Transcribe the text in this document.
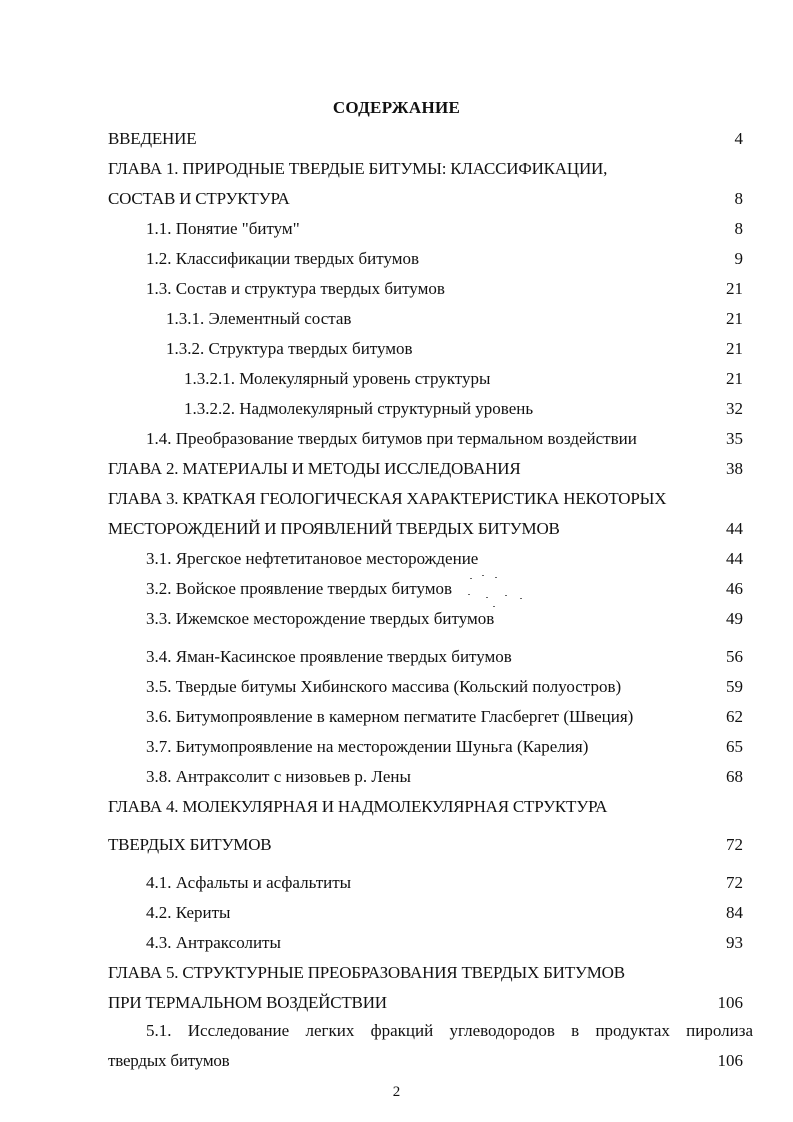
СОДЕРЖАНИЕ
ВВЕДЕНИЕ	4
ГЛАВА 1. ПРИРОДНЫЕ ТВЕРДЫЕ БИТУМЫ: КЛАССИФИКАЦИИ,
СОСТАВ И СТРУКТУРА	8
1.1. Понятие "битум"	8
1.2. Классификации твердых битумов	9
1.3. Состав и структура твердых битумов	21
1.3.1. Элементный состав	21
1.3.2. Структура твердых битумов	21
1.3.2.1. Молекулярный уровень структуры	21
1.3.2.2. Надмолекулярный структурный уровень	32
1.4. Преобразование твердых битумов при термальном воздействии	35
ГЛАВА 2. МАТЕРИАЛЫ И МЕТОДЫ ИССЛЕДОВАНИЯ	38
ГЛАВА 3. КРАТКАЯ ГЕОЛОГИЧЕСКАЯ ХАРАКТЕРИСТИКА НЕКОТОРЫХ
МЕСТОРОЖДЕНИЙ И ПРОЯВЛЕНИЙ ТВЕРДЫХ БИТУМОВ	44
3.1. Ярегское нефтетитановое месторождение	44
3.2. Войское проявление твердых битумов	46
3.3. Ижемское месторождение твердых битумов	49
3.4. Яман-Касинское проявление твердых битумов	56
3.5. Твердые битумы Хибинского массива (Кольский полуостров)	59
3.6. Битумопроявление в камерном пегматите Гласбергет (Швеция)	62
3.7. Битумопроявление на месторождении Шуньга (Карелия)	65
3.8. Антраксолит с низовьев р. Лены	68
ГЛАВА 4. МОЛЕКУЛЯРНАЯ И НАДМОЛЕКУЛЯРНАЯ СТРУКТУРА
ТВЕРДЫХ БИТУМОВ	72
4.1. Асфальты и асфальтиты	72
4.2. Кериты	84
4.3. Антраксолиты	93
ГЛАВА 5. СТРУКТУРНЫЕ ПРЕОБРАЗОВАНИЯ ТВЕРДЫХ БИТУМОВ
ПРИ ТЕРМАЛЬНОМ ВОЗДЕЙСТВИИ	106
5.1. Исследование легких фракций углеводородов в продуктах пиролиза
твердых битумов	106
2
